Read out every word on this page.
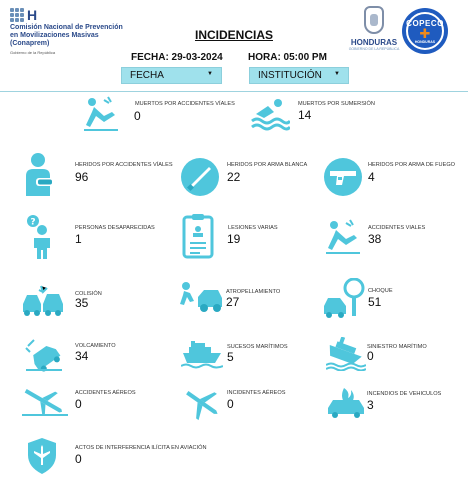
H
Comisión Nacional de Prevención en Movilizaciones Masivas (Conaprem)
Gobierno de la República
INCIDENCIAS
FECHA: 29-03-2024	HORA: 05:00 PM
FECHA	▼	INSTITUCIÓN ▼
HONDURAS
GOBIERNO DE LA REPÚBLICA
COPECO
✚
HONDURAS
MUERTOS POR ACCIDENTES VÍALES
0
MUERTOS POR SUMERSIÓN
14
HERIDOS POR ACCIDENTES VÍALES
96
HERIDOS POR ARMA BLANCA
22
HERIDOS POR ARMA DE FUEGO
4
?
PERSONAS DESAPARECIDAS
1
LESIONES VARIAS
19
ACCIDENTES VIALES
38
COLISIÓN
35
ATROPELLAMIENTO
27
CHOQUE
51
VOLCAMIENTO
34
SUCESOS MARÍTIMOS
5
SINIESTRO MARÍTIMO
0
ACCIDENTES AÉREOS
0
INCIDENTES AÉREOS
0
INCENDIOS DE VEHICULOS
3
ACTOS DE INTERFERENCIA ILÍCITA EN AVIACIÓN
0
